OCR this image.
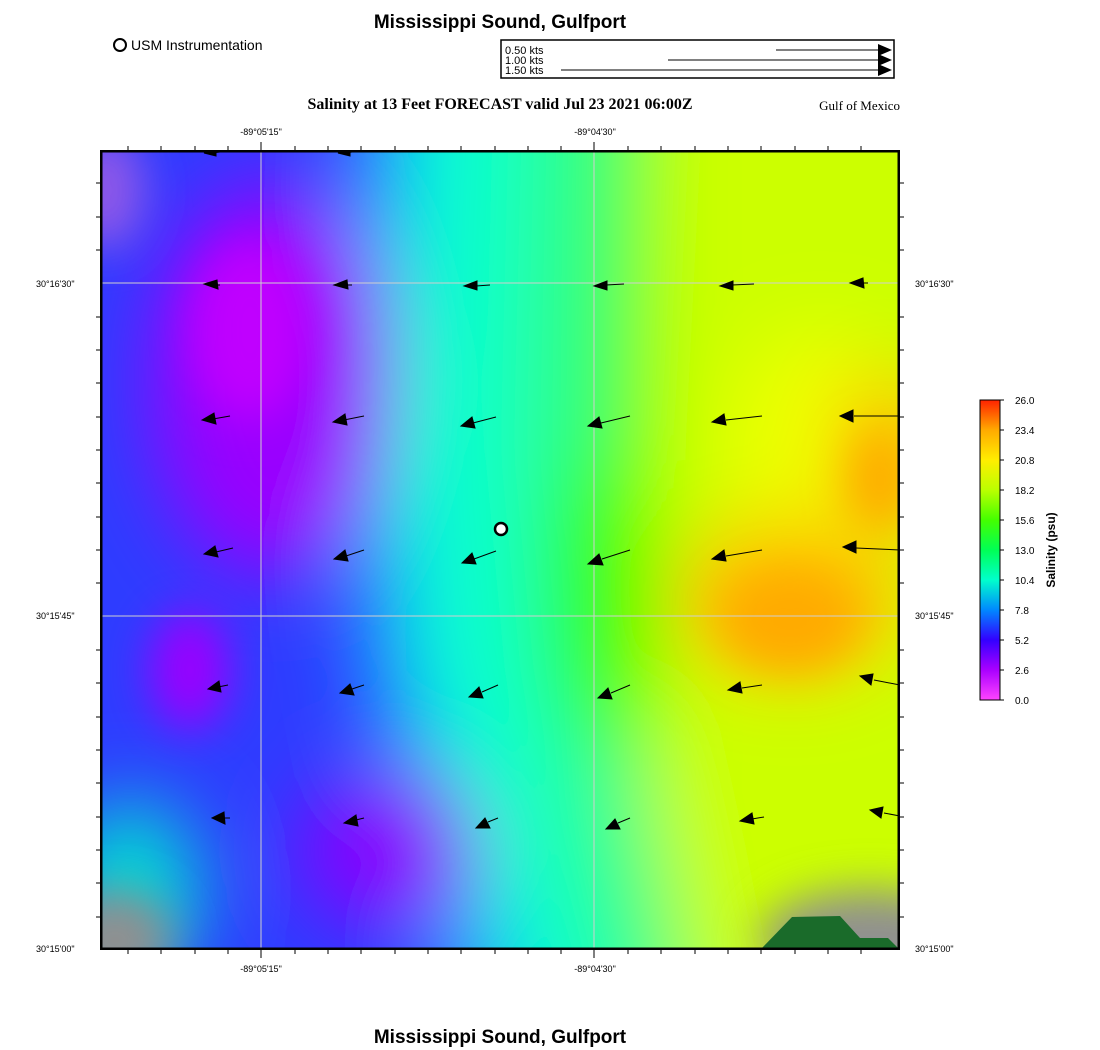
Mississippi Sound, Gulfport
USM Instrumentation	0.50 kts
1.00 kts
1.50 kts
Salinity at 13 Feet FORECAST valid Jul 23 2021 06:00Z	Gulf of Mexico
-89°05'15"	-89°04'30"
-89°05'15"	-89°04'30"
30°16'30"
30°15'45"
30°15'00"
30°16'30"
30°15'45"
30°15'00"
26.0
23.4
20.8
18.2
15.6
13.0
10.4
7.8
5.2
2.6
0.0
Salinity (psu)
Mississippi Sound, Gulfport
